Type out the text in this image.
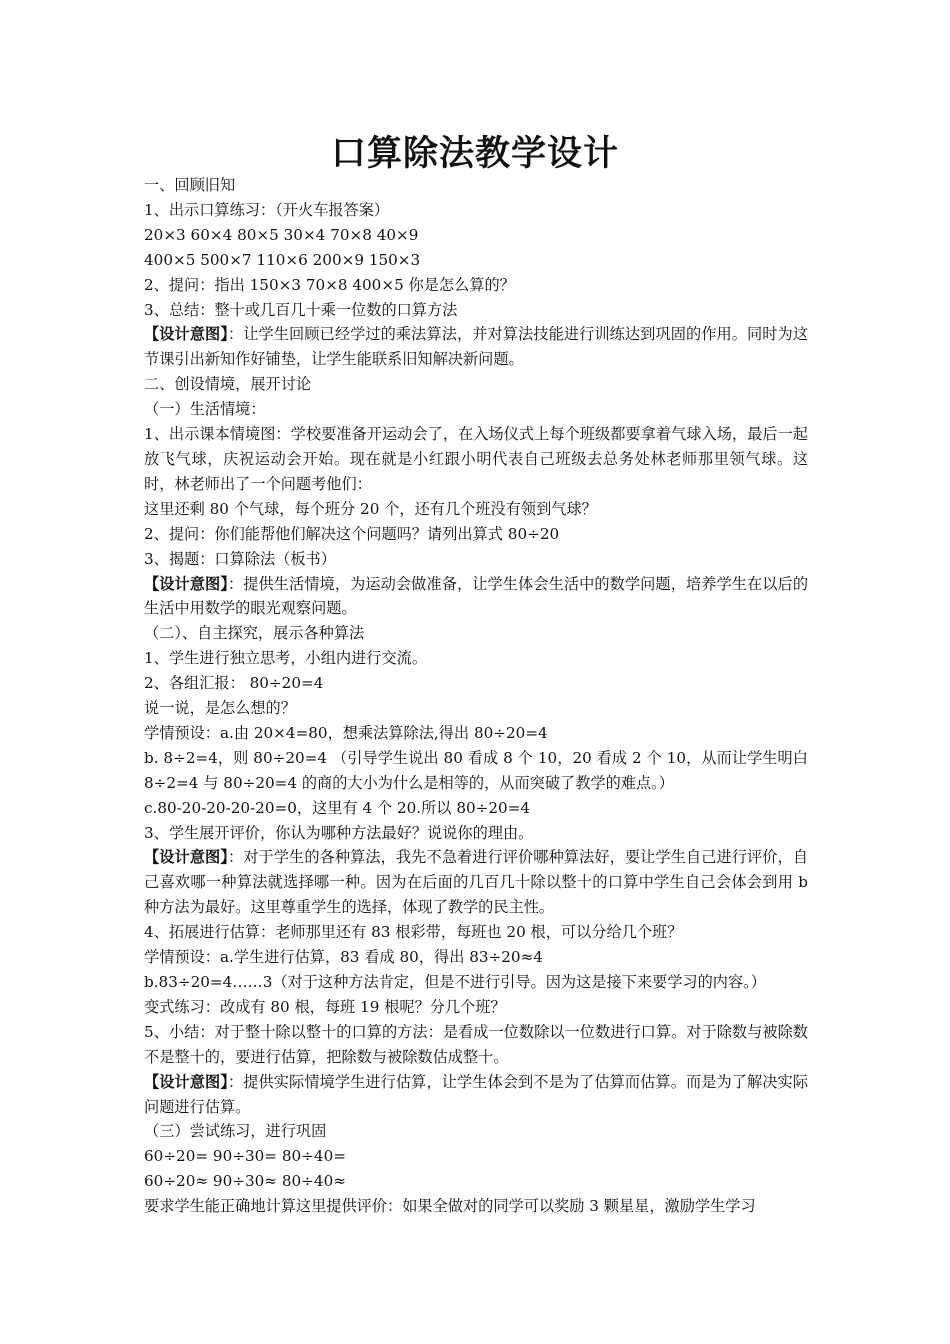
口算除法教学设计

一、回顾旧知

1、出示口算练习：（开火车报答案）

20×3 60×4 80×5 30×4 70×8 40×9

400×5 500×7 110×6 200×9 150×3

2、提问：指出 150×3 70×8 400×5 你是怎么算的？

3、总结：整十或几百几十乘一位数的口算方法

【设计意图】：让学生回顾已经学过的乘法算法，并对算法技能进行训练达到巩固的作用。同时为这节课引出新知作好铺垫，让学生能联系旧知解决新问题。

二、创设情境，展开讨论

（一）生活情境：

1、出示课本情境图：学校要准备开运动会了，在入场仪式上每个班级都要拿着气球入场，最后一起放飞气球，庆祝运动会开始。现在就是小红跟小明代表自己班级去总务处林老师那里领气球。这时，林老师出了一个问题考他们：

这里还剩 80 个气球，每个班分 20 个，还有几个班没有领到气球？

2、提问：你们能帮他们解决这个问题吗？请列出算式 80÷20

3、揭题：口算除法（板书）

【设计意图】：提供生活情境，为运动会做准备，让学生体会生活中的数学问题，培养学生在以后的生活中用数学的眼光观察问题。

（二）、自主探究，展示各种算法

1、学生进行独立思考，小组内进行交流。

2、各组汇报： 80÷20=4

说一说，是怎么想的？

学情预设：a.由 20×4=80，想乘法算除法,得出 80÷20=4

b. 8÷2=4，则 80÷20=4 （引导学生说出 80 看成 8 个 10，20 看成 2 个 10，从而让学生明白 8÷2=4 与 80÷20=4 的商的大小为什么是相等的，从而突破了教学的难点。）

c.80-20-20-20-20=0，这里有 4 个 20.所以 80÷20=4

3、学生展开评价，你认为哪种方法最好？说说你的理由。

【设计意图】：对于学生的各种算法，我先不急着进行评价哪种算法好，要让学生自己进行评价，自己喜欢哪一种算法就选择哪一种。因为在后面的几百几十除以整十的口算中学生自己会体会到用 b 种方法为最好。这里尊重学生的选择，体现了教学的民主性。

4、拓展进行估算：老师那里还有 83 根彩带，每班也 20 根，可以分给几个班？

学情预设：a.学生进行估算，83 看成 80，得出 83÷20≈4

b.83÷20=4……3（对于这种方法肯定，但是不进行引导。因为这是接下来要学习的内容。）

变式练习：改成有 80 根，每班 19 根呢？分几个班？

5、小结：对于整十除以整十的口算的方法：是看成一位数除以一位数进行口算。对于除数与被除数不是整十的，要进行估算，把除数与被除数估成整十。

【设计意图】：提供实际情境学生进行估算，让学生体会到不是为了估算而估算。而是为了解决实际问题进行估算。

（三）尝试练习，进行巩固

60÷20= 90÷30= 80÷40=

60÷20≈ 90÷30≈ 80÷40≈

要求学生能正确地计算这里提供评价：如果全做对的同学可以奖励 3 颗星星，激励学生学习
